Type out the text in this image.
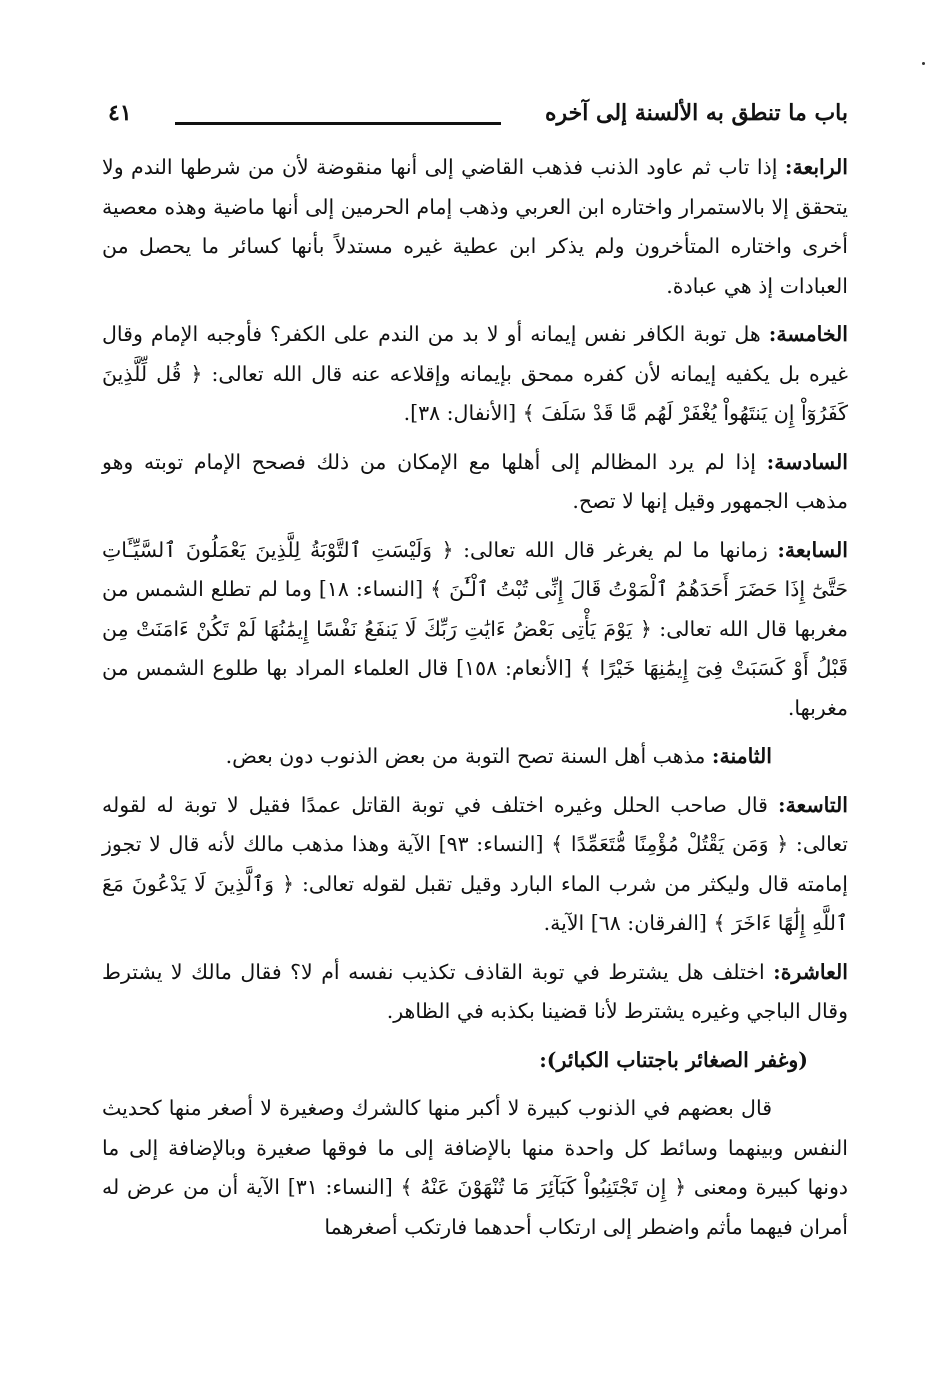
باب ما تنطق به الألسنة إلى آخره
٤١

الرابعة: إذا تاب ثم عاود الذنب فذهب القاضي إلى أنها منقوضة لأن من شرطها الندم ولا يتحقق إلا بالاستمرار واختاره ابن العربي وذهب إمام الحرمين إلى أنها ماضية وهذه معصية أخرى واختاره المتأخرون ولم يذكر ابن عطية غيره مستدلاً بأنها كسائر ما يحصل من العبادات إذ هي عبادة.

الخامسة: هل توبة الكافر نفس إيمانه أو لا بد من الندم على الكفر؟ فأوجبه الإمام وقال غيره بل يكفيه إيمانه لأن كفره ممحق بإيمانه وإقلاعه عنه قال الله تعالى: ﴿ قُل لِّلَّذِينَ كَفَرُوٓاْ إِن يَنتَهُواْ يُغْفَرْ لَهُم مَّا قَدْ سَلَفَ ﴾ [الأنفال: ٣٨].

السادسة: إذا لم يرد المظالم إلى أهلها مع الإمكان من ذلك فصحح الإمام توبته وهو مذهب الجمهور وقيل إنها لا تصح.

السابعة: زمانها ما لم يغرغر قال الله تعالى: ﴿ وَلَيْسَتِ ٱلتَّوْبَةُ لِلَّذِينَ يَعْمَلُونَ ٱلسَّيِّـَٔاتِ حَتَّىٰٓ إِذَا حَضَرَ أَحَدَهُمُ ٱلْمَوْتُ قَالَ إِنِّى تُبْتُ ٱلْـَٰٔنَ ﴾ [النساء: ١٨] وما لم تطلع الشمس من مغربها قال الله تعالى: ﴿ يَوْمَ يَأْتِى بَعْضُ ءَايَٰتِ رَبِّكَ لَا يَنفَعُ نَفْسًا إِيمَٰنُهَا لَمْ تَكُنْ ءَامَنَتْ مِن قَبْلُ أَوْ كَسَبَتْ فِىٓ إِيمَٰنِهَا خَيْرًا ﴾ [الأنعام: ١٥٨] قال العلماء المراد بها طلوع الشمس من مغربها.

الثامنة: مذهب أهل السنة تصح التوبة من بعض الذنوب دون بعض.

التاسعة: قال صاحب الحلل وغيره اختلف في توبة القاتل عمدًا فقيل لا توبة له لقوله تعالى: ﴿ وَمَن يَقْتُلْ مُؤْمِنًا مُّتَعَمِّدًا ﴾ [النساء: ٩٣] الآية وهذا مذهب مالك لأنه قال لا تجوز إمامته قال وليكثر من شرب الماء البارد وقيل تقبل لقوله تعالى: ﴿ وَٱلَّذِينَ لَا يَدْعُونَ مَعَ ٱللَّهِ إِلَٰهًا ءَاخَرَ ﴾ [الفرقان: ٦٨] الآية.

العاشرة: اختلف هل يشترط في توبة القاذف تكذيب نفسه أم لا؟ فقال مالك لا يشترط وقال الباجي وغيره يشترط لأنا قضينا بكذبه في الظاهر.

(وغفر الصغائر باجتناب الكبائر):

قال بعضهم في الذنوب كبيرة لا أكبر منها كالشرك وصغيرة لا أصغر منها كحديث النفس وبينهما وسائط كل واحدة منها بالإضافة إلى ما فوقها صغيرة وبالإضافة إلى ما دونها كبيرة ومعنى ﴿ إِن تَجْتَنِبُواْ كَبَآئِرَ مَا تُنْهَوْنَ عَنْهُ ﴾ [النساء: ٣١] الآية أن من عرض له أمران فيهما مأثم واضطر إلى ارتكاب أحدهما فارتكب أصغرهما
